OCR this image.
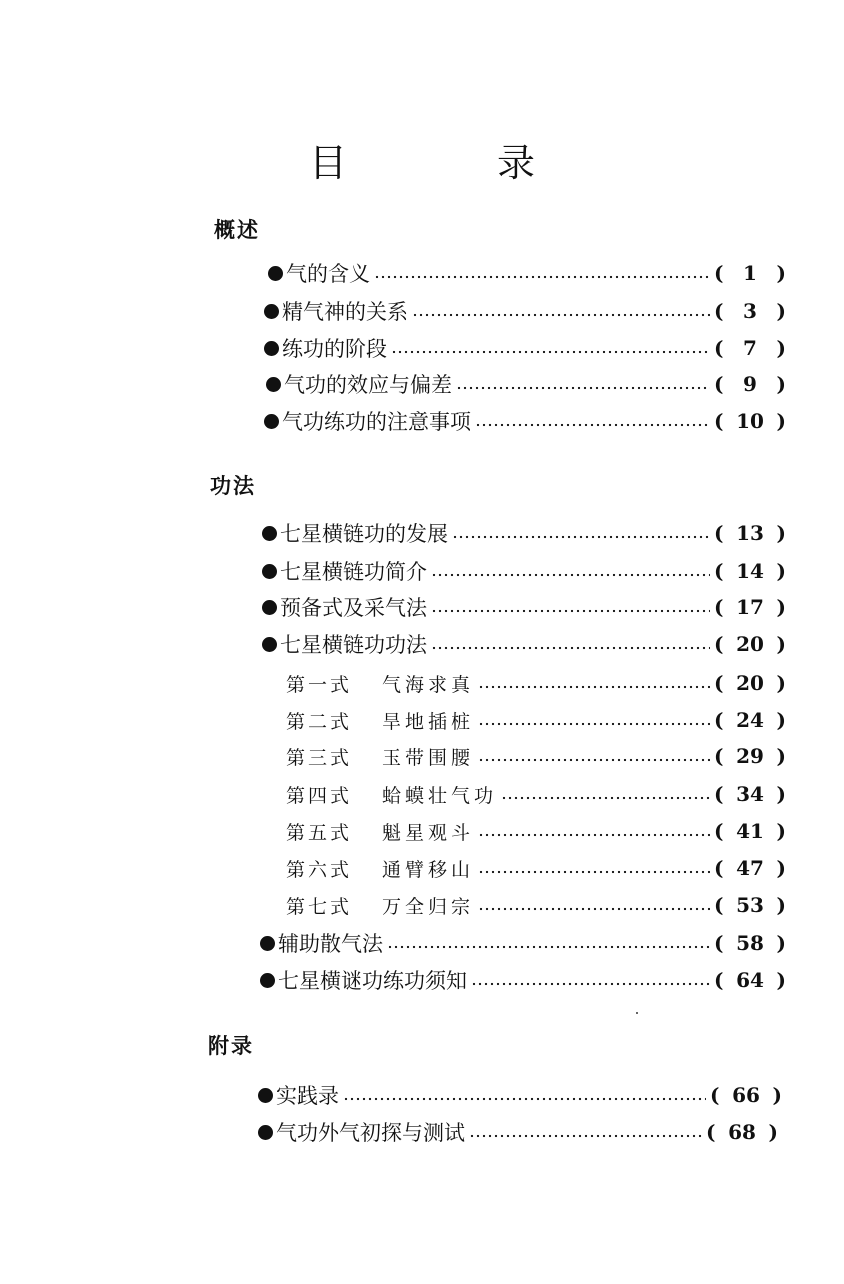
目　录
概述
气的含义	( 1 )
精气神的关系	( 3 )
练功的阶段	( 7 )
气功的效应与偏差	( 9 )
气功练功的注意事项	( 10 )
功法
七星横链功的发展	( 13 )
七星横链功简介	( 14 )
预备式及采气法	( 17 )
七星横链功功法	( 20 )
第一式	气海求真	( 20 )
第二式	旱地插桩	( 24 )
第三式	玉带围腰	( 29 )
第四式	蛤蟆壮气功	( 34 )
第五式	魁星观斗	( 41 )
第六式	通臂移山	( 47 )
第七式	万全归宗	( 53 )
辅助散气法	( 58 )
七星横谜功练功须知	( 64 )
附录
实践录	( 66 )
气功外气初探与测试	( 68 )
